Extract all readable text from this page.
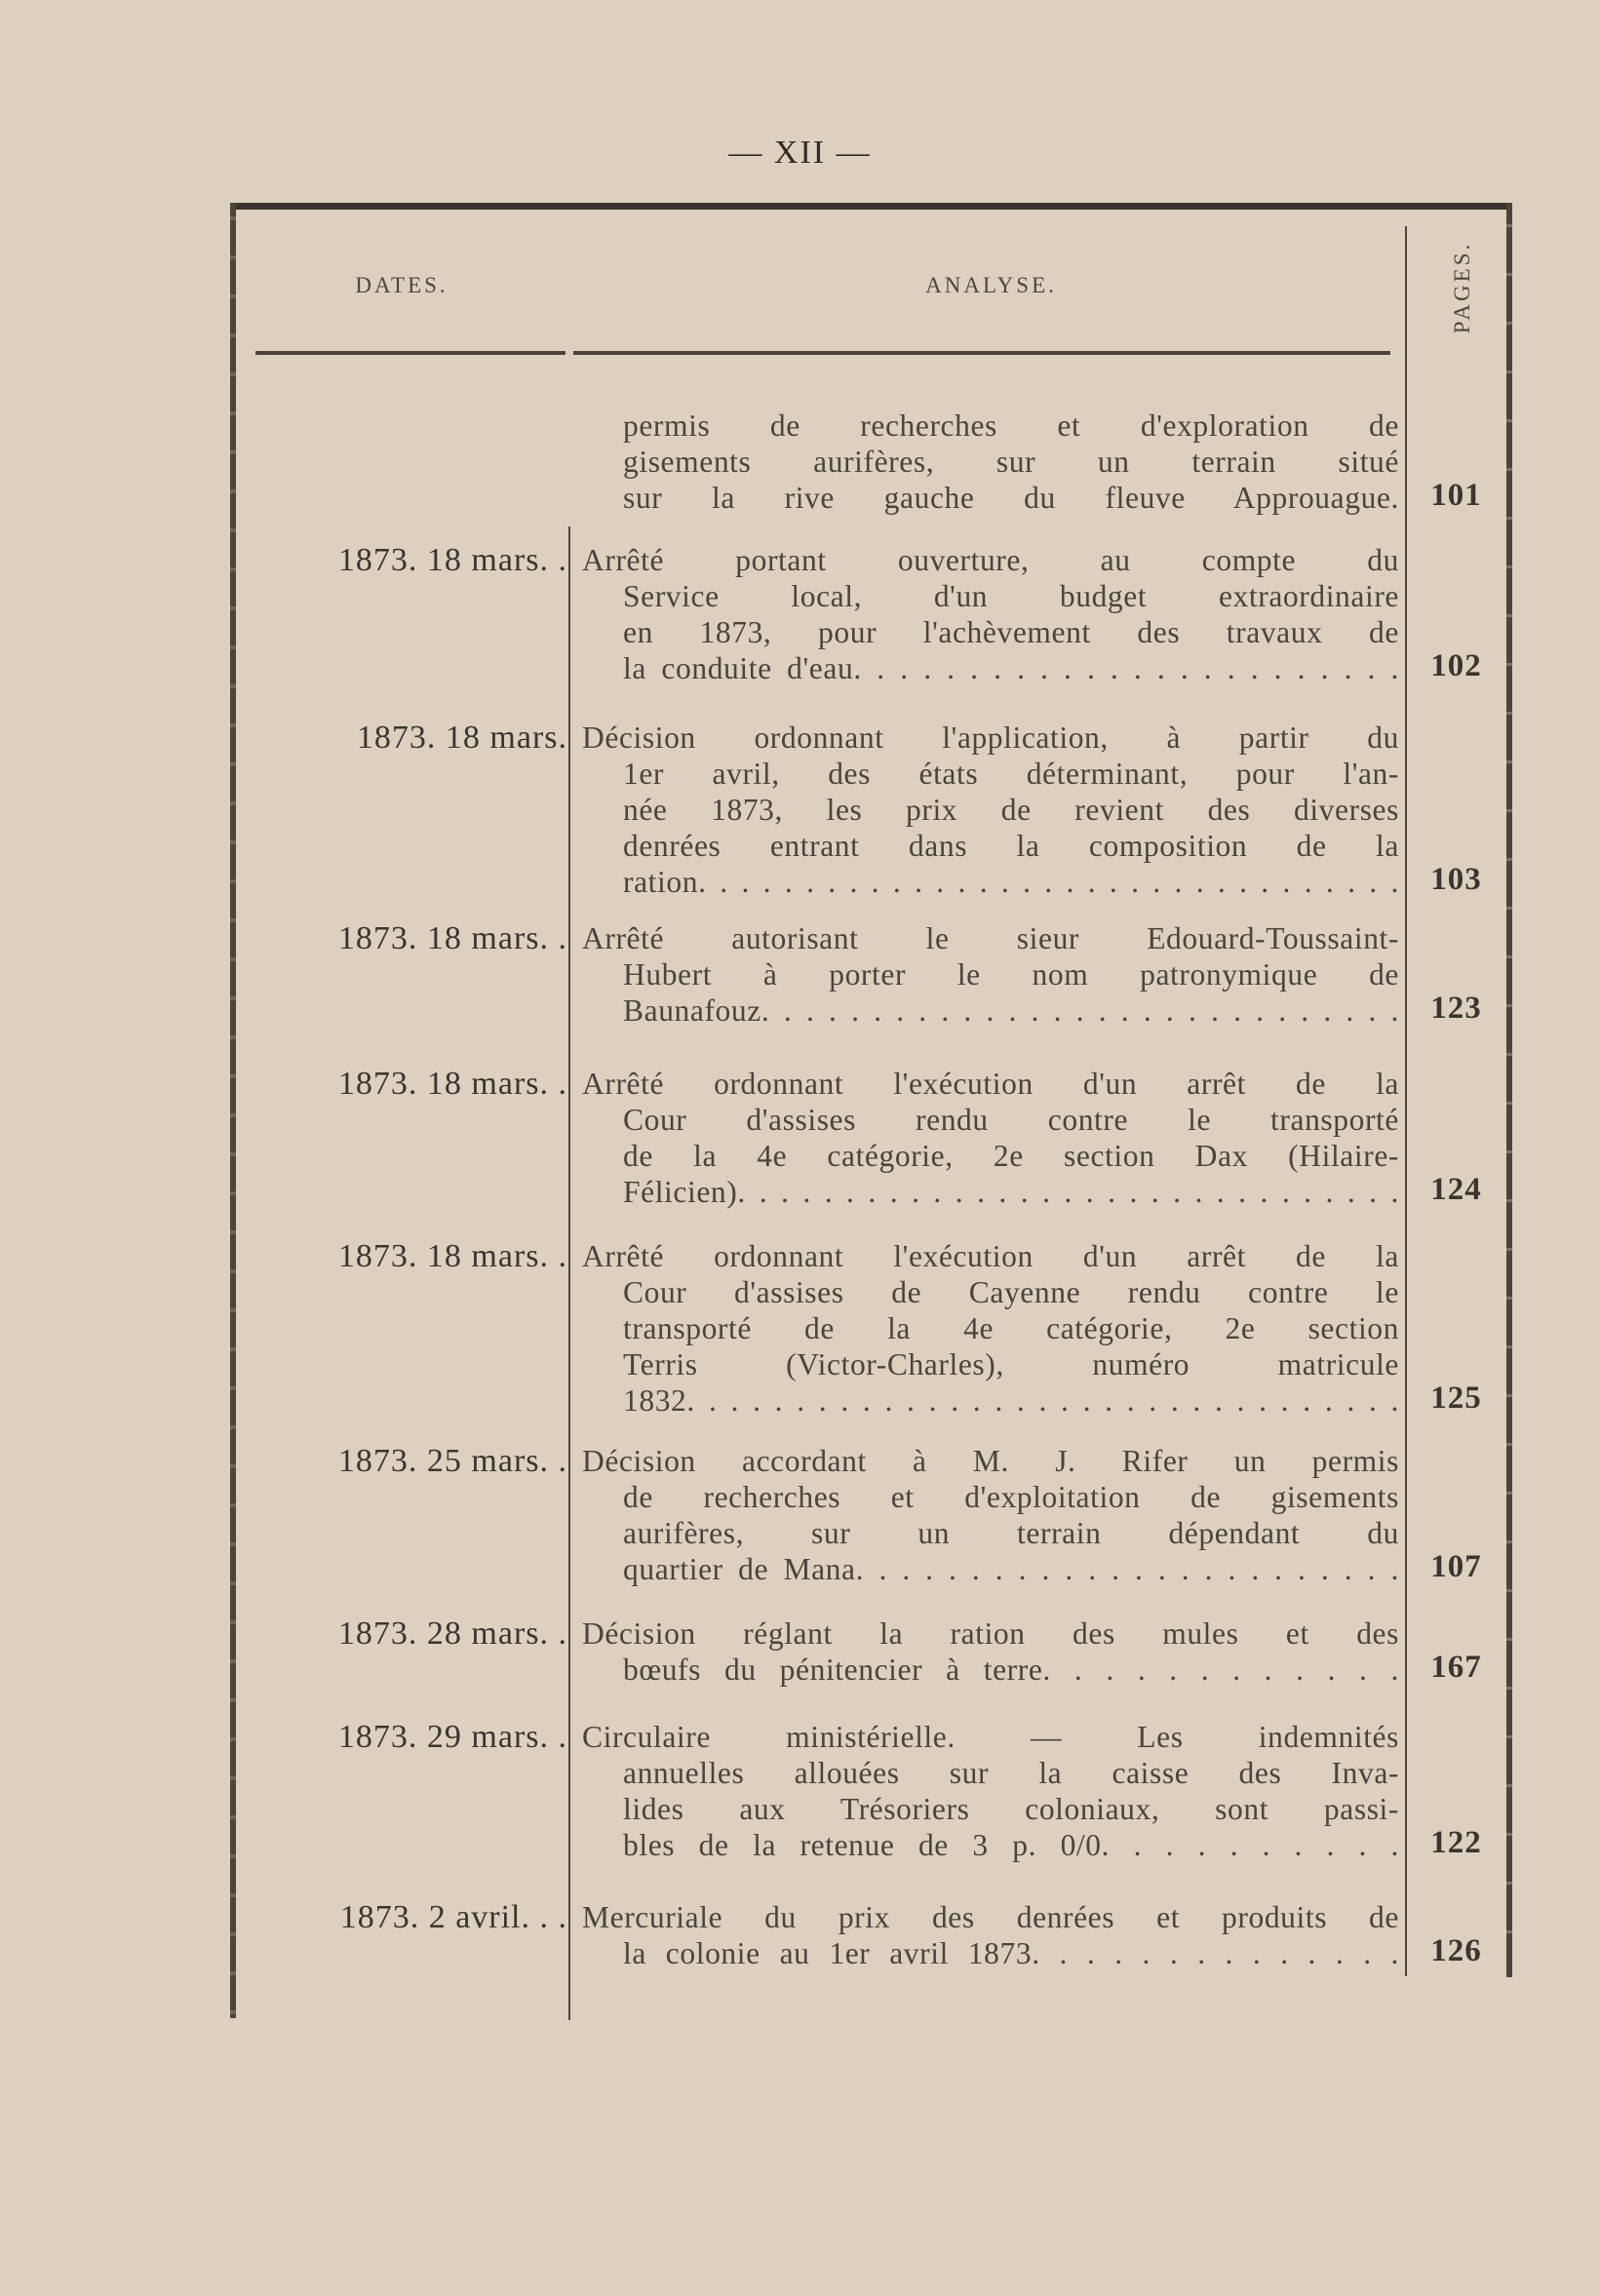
— XII —
DATES.	ANALYSE.	PAGES.
permis de recherches et d'exploration de
gisements aurifères, sur un terrain situé
sur la rive gauche du fleuve Approuague. 101
1873. 18 mars. . Arrêté portant ouverture, au compte du
Service local, d'un budget extraordinaire
en 1873, pour l'achèvement des travaux de
la conduite d'eau. . . . . . . . . . . . . . . . . . . . . . . . 102
1873. 18 mars. Décision ordonnant l'application, à partir du
1er avril, des états déterminant, pour l'an-
née 1873, les prix de revient des diverses
denrées entrant dans la composition de la
ration. . . . . . . . . . . . . . . . . . . . . . . . . . . . . . . . . 103
1873. 18 mars. . Arrêté autorisant le sieur Edouard-Toussaint-
Hubert à porter le nom patronymique de
Baunafouz. . . . . . . . . . . . . . . . . . . . . . . . . . . . . 123
1873. 18 mars. . Arrêté ordonnant l'exécution d'un arrêt de la
Cour d'assises rendu contre le transporté
de la 4e catégorie, 2e section Dax (Hilaire-
Félicien). . . . . . . . . . . . . . . . . . . . . . . . . . . . . . . 124
1873. 18 mars. . Arrêté ordonnant l'exécution d'un arrêt de la
Cour d'assises de Cayenne rendu contre le
transporté de la 4e catégorie, 2e section
Terris (Victor-Charles), numéro matricule
1832. . . . . . . . . . . . . . . . . . . . . . . . . . . . . . . . . 125
1873. 25 mars. . Décision accordant à M. J. Rifer un permis
de recherches et d'exploitation de gisements
aurifères, sur un terrain dépendant du
quartier de Mana. . . . . . . . . . . . . . . . . . . . . . . . 107
1873. 28 mars. . Décision réglant la ration des mules et des
bœufs du pénitencier à terre. . . . . . . . . . . . 167
1873. 29 mars. . Circulaire ministérielle. — Les indemnités
annuelles allouées sur la caisse des Inva-
lides aux Trésoriers coloniaux, sont passi-
bles de la retenue de 3 p. 0/0. . . . . . . . . . 122
1873. 2 avril. . . Mercuriale du prix des denrées et produits de
la colonie au 1er avril 1873. . . . . . . . . . . . . . 126
